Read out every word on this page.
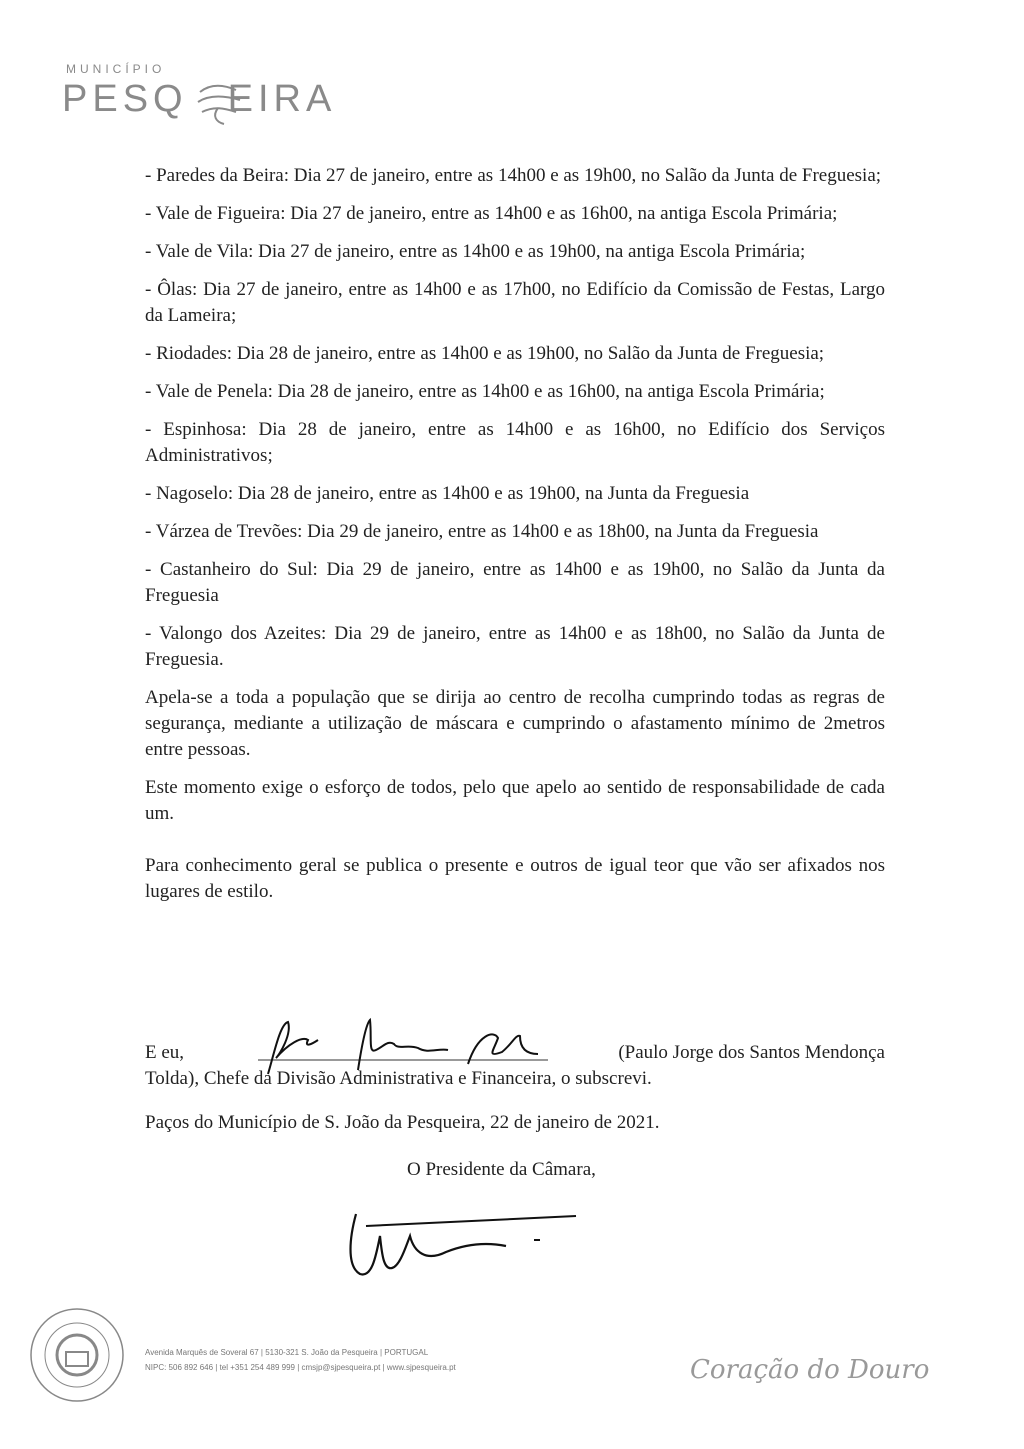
MUNICÍPIO
PESQ EIRA

- Paredes da Beira: Dia 27 de janeiro, entre as 14h00 e as 19h00, no Salão da Junta de Freguesia;

- Vale de Figueira: Dia 27 de janeiro, entre as 14h00 e as 16h00, na antiga Escola Primária;

- Vale de Vila: Dia 27 de janeiro, entre as 14h00 e as 19h00, na antiga Escola Primária;

- Ôlas: Dia 27 de janeiro, entre as 14h00 e as 17h00, no Edifício da Comissão de Festas, Largo da Lameira;

- Riodades: Dia 28 de janeiro, entre as 14h00 e as 19h00, no Salão da Junta de Freguesia;

- Vale de Penela: Dia 28 de janeiro, entre as 14h00 e as 16h00, na antiga Escola Primária;

- Espinhosa: Dia 28 de janeiro, entre as 14h00 e as 16h00, no Edifício dos Serviços Administrativos;

- Nagoselo: Dia 28 de janeiro, entre as 14h00 e as 19h00, na Junta da Freguesia

- Várzea de Trevões: Dia 29 de janeiro, entre as 14h00 e as 18h00, na Junta da Freguesia

- Castanheiro do Sul: Dia 29 de janeiro, entre as 14h00 e as 19h00, no Salão da Junta da Freguesia

- Valongo dos Azeites: Dia 29 de janeiro, entre as 14h00 e as 18h00, no Salão da Junta de Freguesia.

Apela-se a toda a população que se dirija ao centro de recolha cumprindo todas as regras de segurança, mediante a utilização de máscara e cumprindo o afastamento mínimo de 2metros entre pessoas.

Este momento exige o esforço de todos, pelo que apelo ao sentido de responsabilidade de cada um.

Para conhecimento geral se publica o presente e outros de igual teor que vão ser afixados nos lugares de estilo.

E eu,	(Paulo Jorge dos Santos Mendonça
Tolda), Chefe da Divisão Administrativa e Financeira, o subscrevi.
Paços do Município de S. João da Pesqueira, 22 de janeiro de 2021.
O Presidente da Câmara,
Avenida Marquês de Soveral 67 | 5130-321 S. João da Pesqueira | PORTUGAL
NIPC: 506 892 646 | tel +351 254 489 999 | cmsjp@sjpesqueira.pt | www.sjpesqueira.pt	Coração do Douro
